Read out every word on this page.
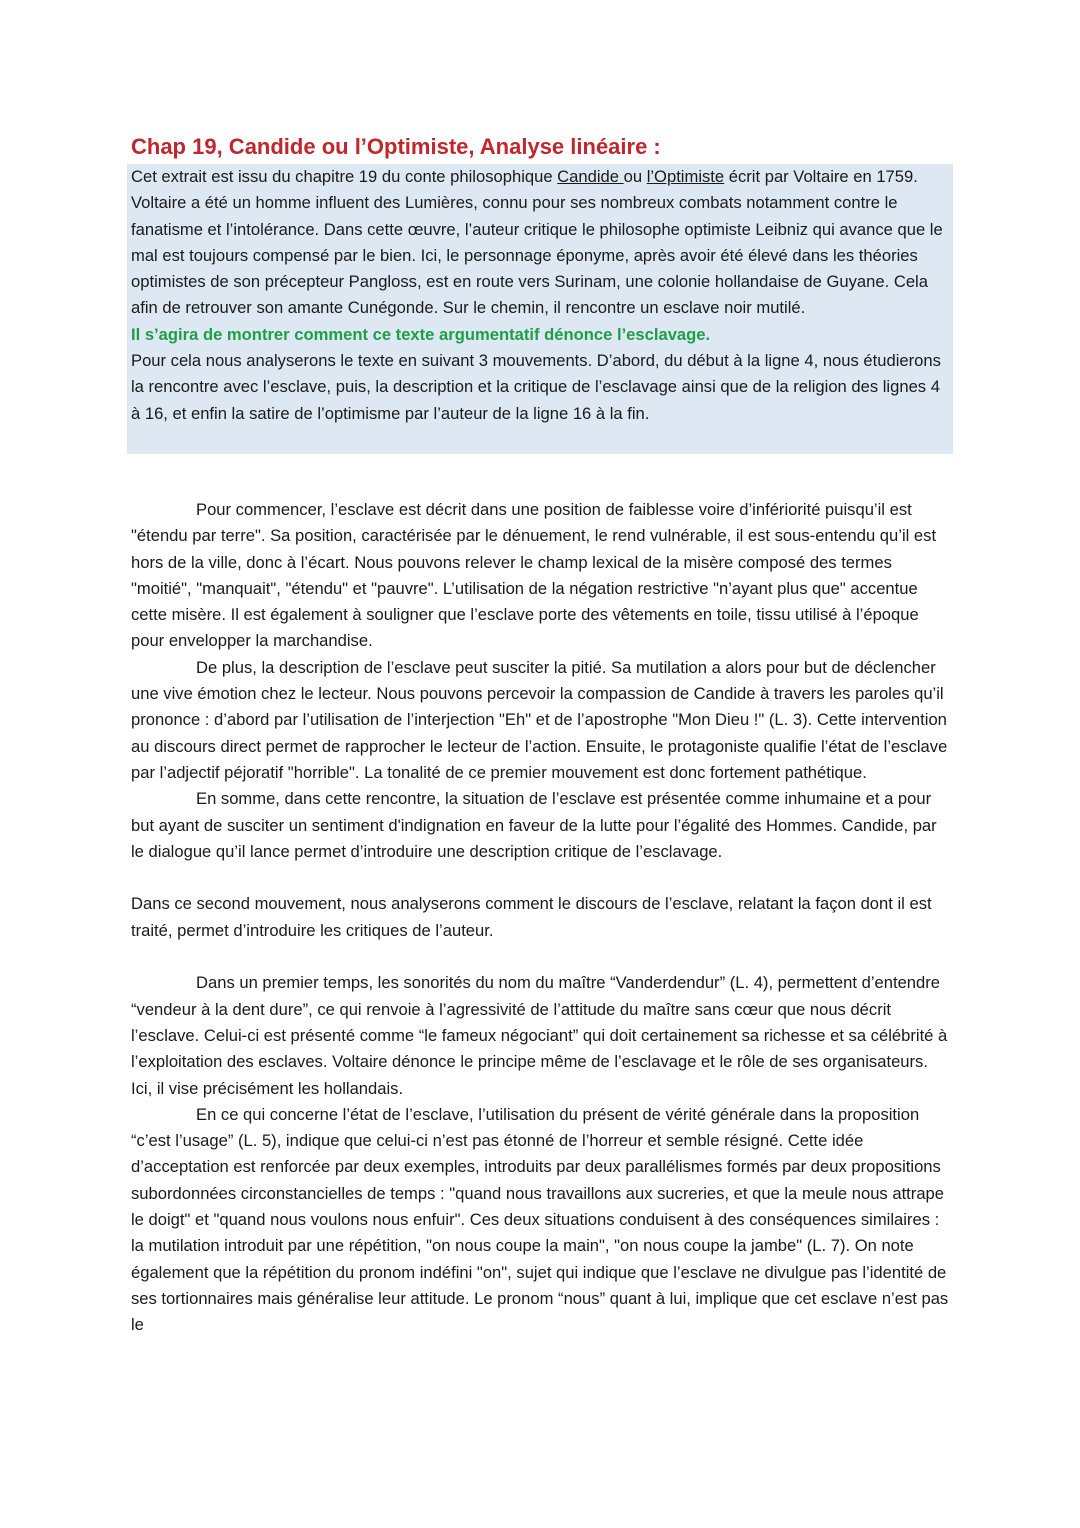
Chap 19, Candide ou l’Optimiste, Analyse linéaire :

Cet extrait est issu du chapitre 19 du conte philosophique Candide ou l’Optimiste écrit par Voltaire en 1759. Voltaire a été un homme influent des Lumières, connu pour ses nombreux combats notamment contre le fanatisme et l’intolérance. Dans cette œuvre, l’auteur critique le philosophe optimiste Leibniz qui avance que le mal est toujours compensé par le bien. Ici, le personnage éponyme, après avoir été élevé dans les théories optimistes de son précepteur Pangloss, est en route vers Surinam, une colonie hollandaise de Guyane. Cela afin de retrouver son amante Cunégonde. Sur le chemin, il rencontre un esclave noir mutilé.

Il s’agira de montrer comment ce texte argumentatif dénonce l’esclavage.

Pour cela nous analyserons le texte en suivant 3 mouvements. D’abord, du début à la ligne 4, nous étudierons la rencontre avec l’esclave, puis, la description et la critique de l’esclavage ainsi que de la religion des lignes 4 à 16, et enfin la satire de l’optimisme par l’auteur de la ligne 16 à la fin.

Pour commencer, l’esclave est décrit dans une position de faiblesse voire d’infériorité puisqu’il est "étendu par terre". Sa position, caractérisée par le dénuement, le rend vulnérable, il est sous-entendu qu’il est hors de la ville, donc à l’écart. Nous pouvons relever le champ lexical de la misère composé des termes "moitié", "manquait", "étendu" et "pauvre". L’utilisation de la négation restrictive "n’ayant plus que" accentue cette misère. Il est également à souligner que l’esclave porte des vêtements en toile, tissu utilisé à l’époque pour envelopper la marchandise.

De plus, la description de l’esclave peut susciter la pitié. Sa mutilation a alors pour but de déclencher une vive émotion chez le lecteur. Nous pouvons percevoir la compassion de Candide à travers les paroles qu’il prononce : d’abord par l’utilisation de l’interjection "Eh" et de l’apostrophe "Mon Dieu !" (L. 3). Cette intervention au discours direct permet de rapprocher le lecteur de l’action. Ensuite, le protagoniste qualifie l’état de l’esclave par l’adjectif péjoratif "horrible". La tonalité de ce premier mouvement est donc fortement pathétique.

En somme, dans cette rencontre, la situation de l’esclave est présentée comme inhumaine et a pour but ayant de susciter un sentiment d'indignation en faveur de la lutte pour l’égalité des Hommes. Candide, par le dialogue qu’il lance permet d’introduire une description critique de l’esclavage.

Dans ce second mouvement, nous analyserons comment le discours de l’esclave, relatant la façon dont il est traité, permet d’introduire les critiques de l’auteur.

Dans un premier temps, les sonorités du nom du maître “Vanderdendur” (L. 4), permettent d’entendre “vendeur à la dent dure”, ce qui renvoie à l’agressivité de l’attitude du maître sans cœur que nous décrit l’esclave. Celui-ci est présenté comme “le fameux négociant” qui doit certainement sa richesse et sa célébrité à l’exploitation des esclaves. Voltaire dénonce le principe même de l’esclavage et le rôle de ses organisateurs. Ici, il vise précisément les hollandais.

En ce qui concerne l’état de l’esclave, l’utilisation du présent de vérité générale dans la proposition “c’est l’usage” (L. 5), indique que celui-ci n’est pas étonné de l’horreur et semble résigné. Cette idée d’acceptation est renforcée par deux exemples, introduits par deux parallélismes formés par deux propositions subordonnées circonstancielles de temps : "quand nous travaillons aux sucreries, et que la meule nous attrape le doigt" et "quand nous voulons nous enfuir". Ces deux situations conduisent à des conséquences similaires : la mutilation introduit par une répétition, "on nous coupe la main", "on nous coupe la jambe" (L. 7). On note également que la répétition du pronom indéfini "on", sujet qui indique que l’esclave ne divulgue pas l’identité de ses tortionnaires mais généralise leur attitude. Le pronom “nous” quant à lui, implique que cet esclave n’est pas le
